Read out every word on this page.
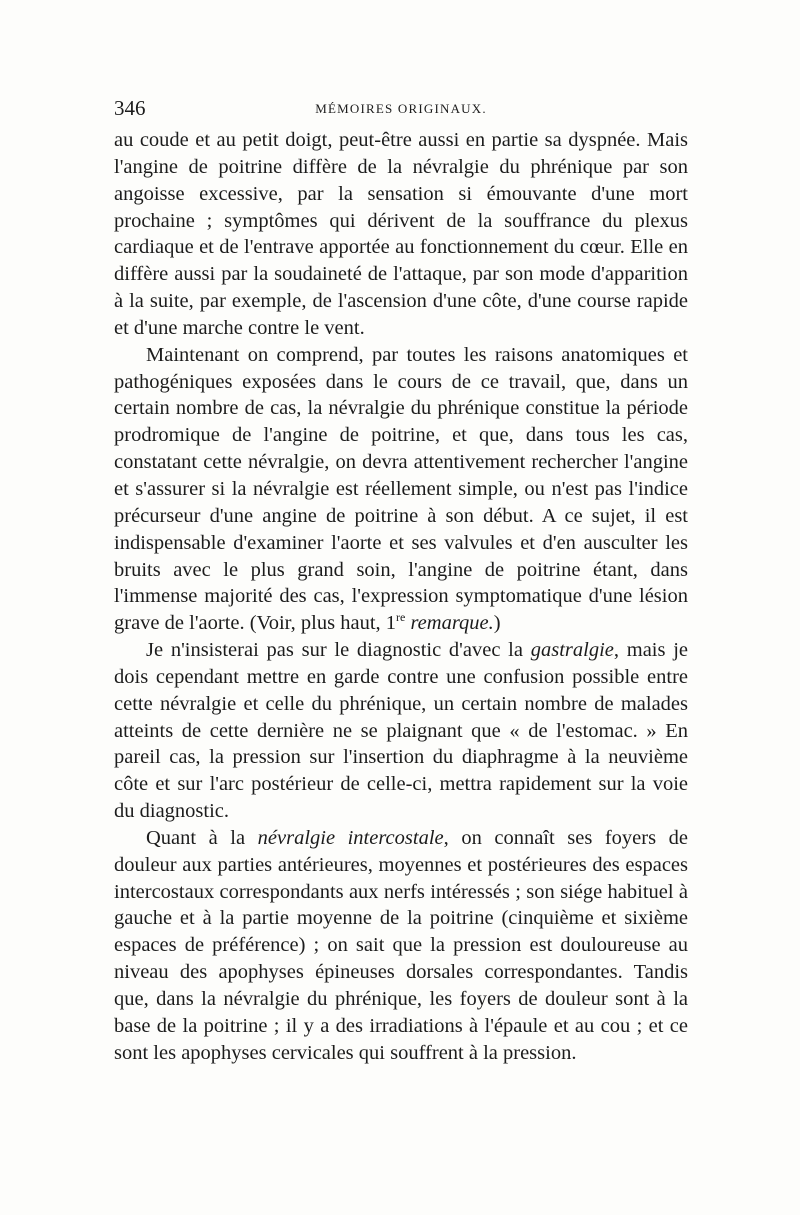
346	MÉMOIRES ORIGINAUX.

au coude et au petit doigt, peut-être aussi en partie sa dyspnée. Mais l'angine de poitrine diffère de la névralgie du phrénique par son angoisse excessive, par la sensation si émouvante d'une mort prochaine ; symptômes qui dérivent de la souffrance du plexus cardiaque et de l'entrave apportée au fonctionnement du cœur. Elle en diffère aussi par la soudaineté de l'attaque, par son mode d'apparition à la suite, par exemple, de l'ascension d'une côte, d'une course rapide et d'une marche contre le vent.

Maintenant on comprend, par toutes les raisons anatomiques et pathogéniques exposées dans le cours de ce travail, que, dans un certain nombre de cas, la névralgie du phrénique constitue la période prodromique de l'angine de poitrine, et que, dans tous les cas, constatant cette névralgie, on devra attentivement rechercher l'angine et s'assurer si la névralgie est réellement simple, ou n'est pas l'indice précurseur d'une angine de poitrine à son début. A ce sujet, il est indispensable d'examiner l'aorte et ses valvules et d'en ausculter les bruits avec le plus grand soin, l'angine de poitrine étant, dans l'immense majorité des cas, l'expression symptomatique d'une lésion grave de l'aorte. (Voir, plus haut, 1re remarque.)

Je n'insisterai pas sur le diagnostic d'avec la gastralgie, mais je dois cependant mettre en garde contre une confusion possible entre cette névralgie et celle du phrénique, un certain nombre de malades atteints de cette dernière ne se plaignant que « de l'estomac. » En pareil cas, la pression sur l'insertion du diaphragme à la neuvième côte et sur l'arc postérieur de celle-ci, mettra rapidement sur la voie du diagnostic.

Quant à la névralgie intercostale, on connaît ses foyers de douleur aux parties antérieures, moyennes et postérieures des espaces intercostaux correspondants aux nerfs intéressés ; son siége habituel à gauche et à la partie moyenne de la poitrine (cinquième et sixième espaces de préférence) ; on sait que la pression est douloureuse au niveau des apophyses épineuses dorsales correspondantes. Tandis que, dans la névralgie du phrénique, les foyers de douleur sont à la base de la poitrine ; il y a des irradiations à l'épaule et au cou ; et ce sont les apophyses cervicales qui souffrent à la pression.
